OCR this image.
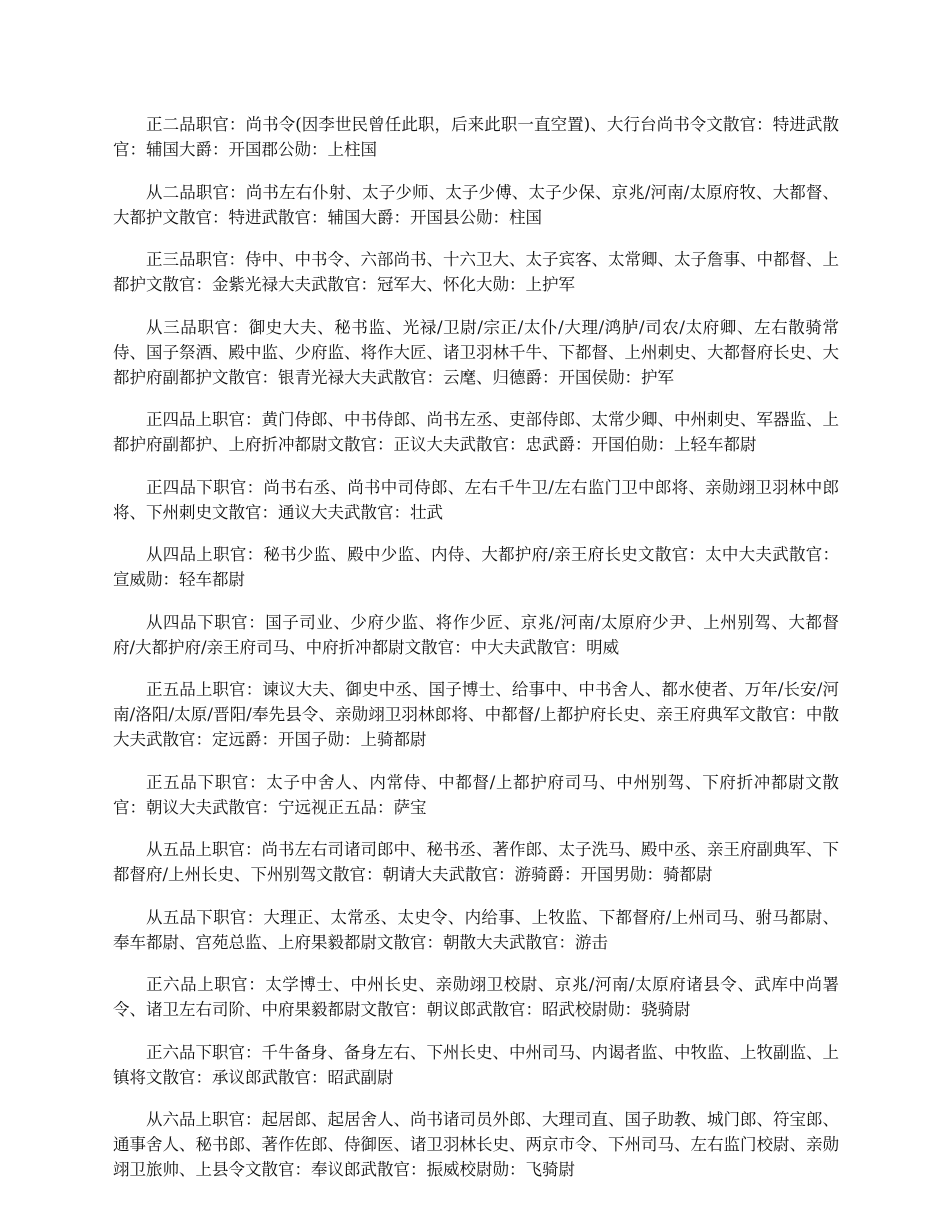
正二品职官：尚书令(因李世民曾任此职，后来此职一直空置)、大行台尚书令文散官：特进武散官：辅国大爵：开国郡公勋：上柱国

从二品职官：尚书左右仆射、太子少师、太子少傅、太子少保、京兆/河南/太原府牧、大都督、大都护文散官：特进武散官：辅国大爵：开国县公勋：柱国

正三品职官：侍中、中书令、六部尚书、十六卫大、太子宾客、太常卿、太子詹事、中都督、上都护文散官：金紫光禄大夫武散官：冠军大、怀化大勋：上护军

从三品职官：御史大夫、秘书监、光禄/卫尉/宗正/太仆/大理/鸿胪/司农/太府卿、左右散骑常侍、国子祭酒、殿中监、少府监、将作大匠、诸卫羽林千牛、下都督、上州刺史、大都督府长史、大都护府副都护文散官：银青光禄大夫武散官：云麾、归德爵：开国侯勋：护军

正四品上职官：黄门侍郎、中书侍郎、尚书左丞、吏部侍郎、太常少卿、中州刺史、军器监、上都护府副都护、上府折冲都尉文散官：正议大夫武散官：忠武爵：开国伯勋：上轻车都尉

正四品下职官：尚书右丞、尚书中司侍郎、左右千牛卫/左右监门卫中郎将、亲勋翊卫羽林中郎将、下州刺史文散官：通议大夫武散官：壮武

从四品上职官：秘书少监、殿中少监、内侍、大都护府/亲王府长史文散官：太中大夫武散官：宣威勋：轻车都尉

从四品下职官：国子司业、少府少监、将作少匠、京兆/河南/太原府少尹、上州别驾、大都督府/大都护府/亲王府司马、中府折冲都尉文散官：中大夫武散官：明威

正五品上职官：谏议大夫、御史中丞、国子博士、给事中、中书舍人、都水使者、万年/长安/河南/洛阳/太原/晋阳/奉先县令、亲勋翊卫羽林郎将、中都督/上都护府长史、亲王府典军文散官：中散大夫武散官：定远爵：开国子勋：上骑都尉

正五品下职官：太子中舍人、内常侍、中都督/上都护府司马、中州别驾、下府折冲都尉文散官：朝议大夫武散官：宁远视正五品：萨宝

从五品上职官：尚书左右司诸司郎中、秘书丞、著作郎、太子洗马、殿中丞、亲王府副典军、下都督府/上州长史、下州别驾文散官：朝请大夫武散官：游骑爵：开国男勋：骑都尉

从五品下职官：大理正、太常丞、太史令、内给事、上牧监、下都督府/上州司马、驸马都尉、奉车都尉、宫苑总监、上府果毅都尉文散官：朝散大夫武散官：游击

正六品上职官：太学博士、中州长史、亲勋翊卫校尉、京兆/河南/太原府诸县令、武库中尚署令、诸卫左右司阶、中府果毅都尉文散官：朝议郎武散官：昭武校尉勋：骁骑尉

正六品下职官：千牛备身、备身左右、下州长史、中州司马、内谒者监、中牧监、上牧副监、上镇将文散官：承议郎武散官：昭武副尉

从六品上职官：起居郎、起居舍人、尚书诸司员外郎、大理司直、国子助教、城门郎、符宝郎、通事舍人、秘书郎、著作佐郎、侍御医、诸卫羽林长史、两京市令、下州司马、左右监门校尉、亲勋翊卫旅帅、上县令文散官：奉议郎武散官：振威校尉勋：飞骑尉
